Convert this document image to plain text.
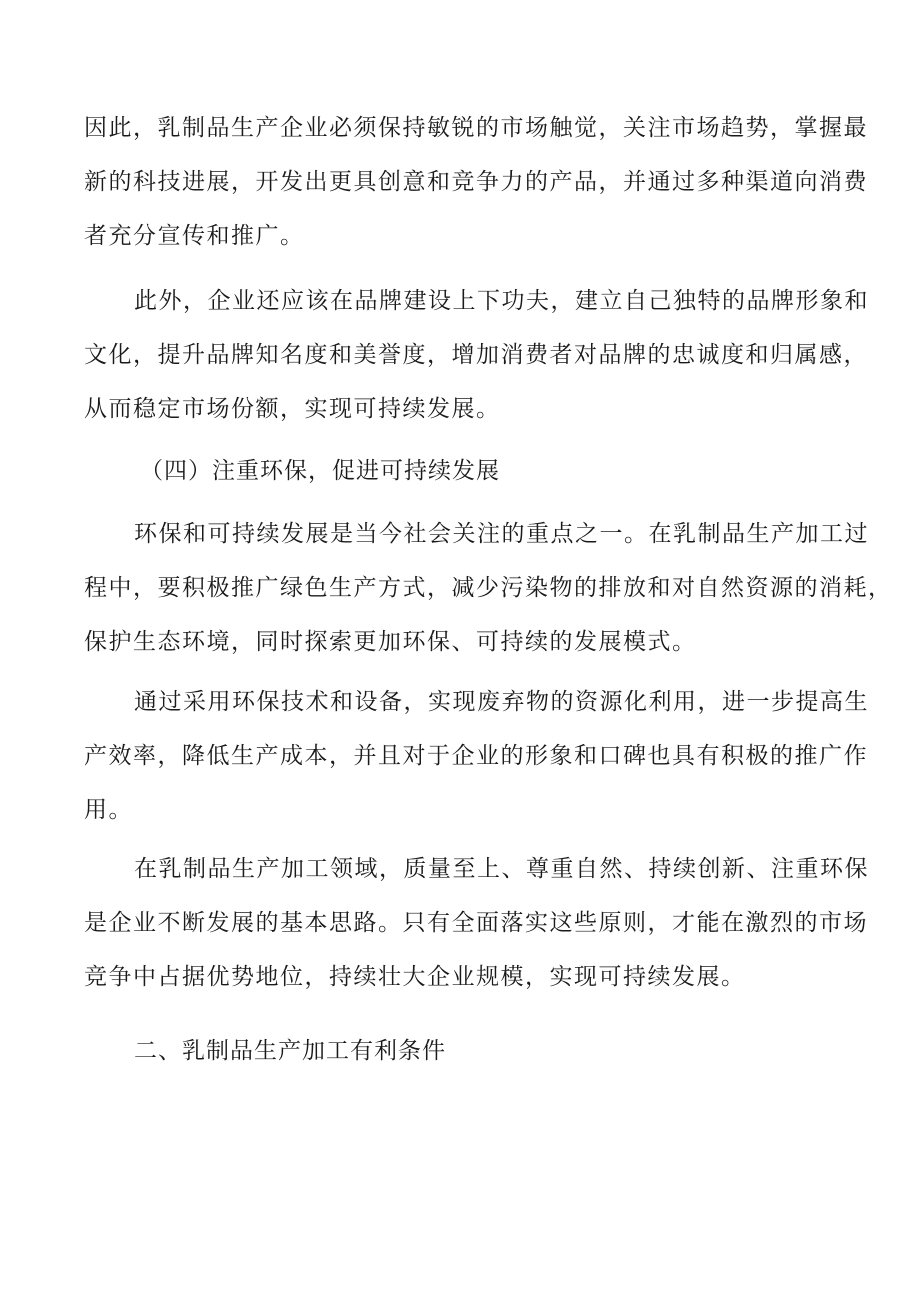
因此，乳制品生产企业必须保持敏锐的市场触觉，关注市场趋势，掌握最
新的科技进展，开发出更具创意和竞争力的产品，并通过多种渠道向消费
者充分宣传和推广。
此外，企业还应该在品牌建设上下功夫，建立自己独特的品牌形象和
文化，提升品牌知名度和美誉度，增加消费者对品牌的忠诚度和归属感，
从而稳定市场份额，实现可持续发展。
（四）注重环保，促进可持续发展
环保和可持续发展是当今社会关注的重点之一。在乳制品生产加工过
程中，要积极推广绿色生产方式，减少污染物的排放和对自然资源的消耗，
保护生态环境，同时探索更加环保、可持续的发展模式。
通过采用环保技术和设备，实现废弃物的资源化利用，进一步提高生
产效率，降低生产成本，并且对于企业的形象和口碑也具有积极的推广作
用。
在乳制品生产加工领域，质量至上、尊重自然、持续创新、注重环保
是企业不断发展的基本思路。只有全面落实这些原则，才能在激烈的市场
竞争中占据优势地位，持续壮大企业规模，实现可持续发展。
二、乳制品生产加工有利条件
